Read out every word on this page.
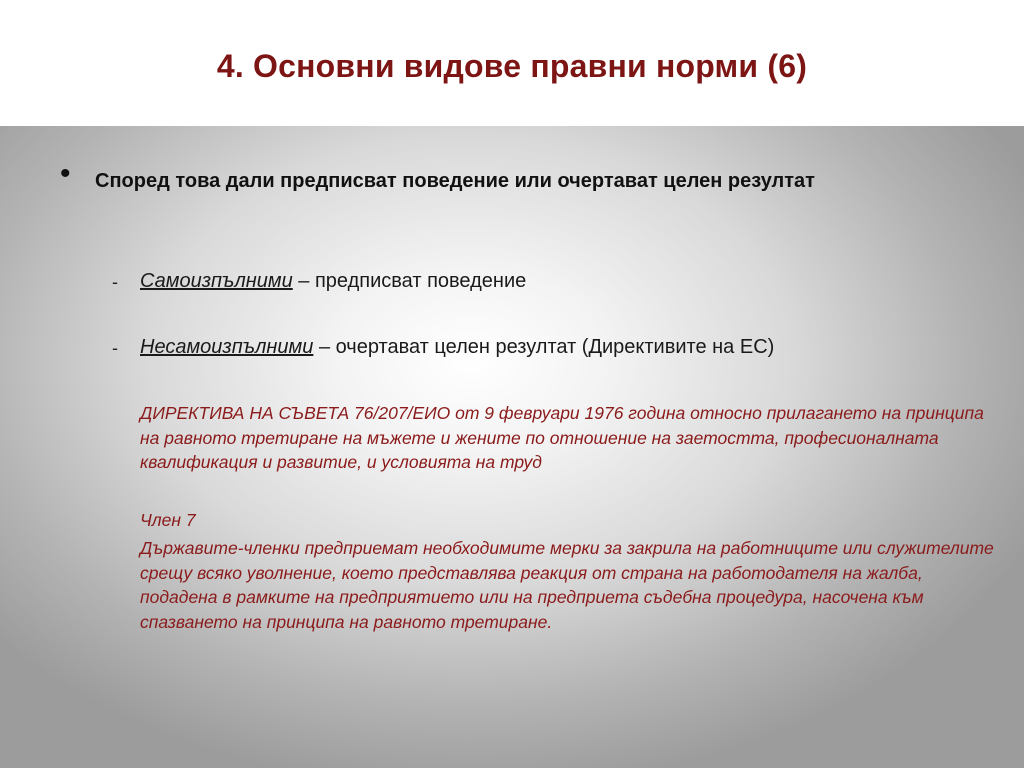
4. Основни видове правни норми (6)
• Според това дали предписват поведение или очертават целен резултат
- Самоизпълними – предписват поведение
- Несамоизпълними – очертават целен резултат (Директивите на ЕС)
ДИРЕКТИВА НА СЪВЕТА 76/207/ЕИО от 9 февруари 1976 година относно прилагането на принципа на равното третиране на мъжете и жените по отношение на заетостта, професионалната квалификация и развитие, и условията на труд
Член 7
Държавите-членки предприемат необходимите мерки за закрила на работниците или служителите срещу всяко уволнение, което представлява реакция от страна на работодателя на жалба, подадена в рамките на предприятието или на предприета съдебна процедура, насочена към спазването на принципа на равното третиране.
